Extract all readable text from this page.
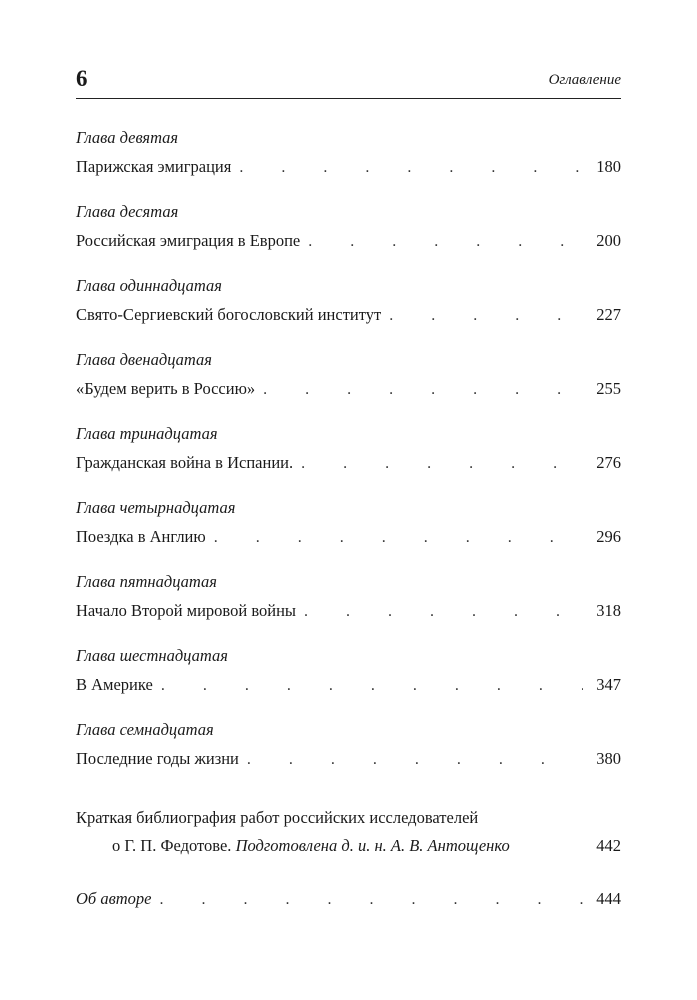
6	Оглавление
Глава девятая
Парижская эмиграция . . .	180
Глава десятая
Российская эмиграция в Европе . . .	200
Глава одиннадцатая
Свято-Сергиевский богословский институт . . .	227
Глава двенадцатая
«Будем верить в Россию» . . .	255
Глава тринадцатая
Гражданская война в Испании. . . .	276
Глава четырнадцатая
Поездка в Англию . . .	296
Глава пятнадцатая
Начало Второй мировой войны . . .	318
Глава шестнадцатая
В Америке . . .	347
Глава семнадцатая
Последние годы жизни . . .	380
Краткая библиография работ российских исследователей
о Г. П. Федотове.
Подготовлена д. и. н. А. В. Антощенко	442
Об авторе . . .	444
